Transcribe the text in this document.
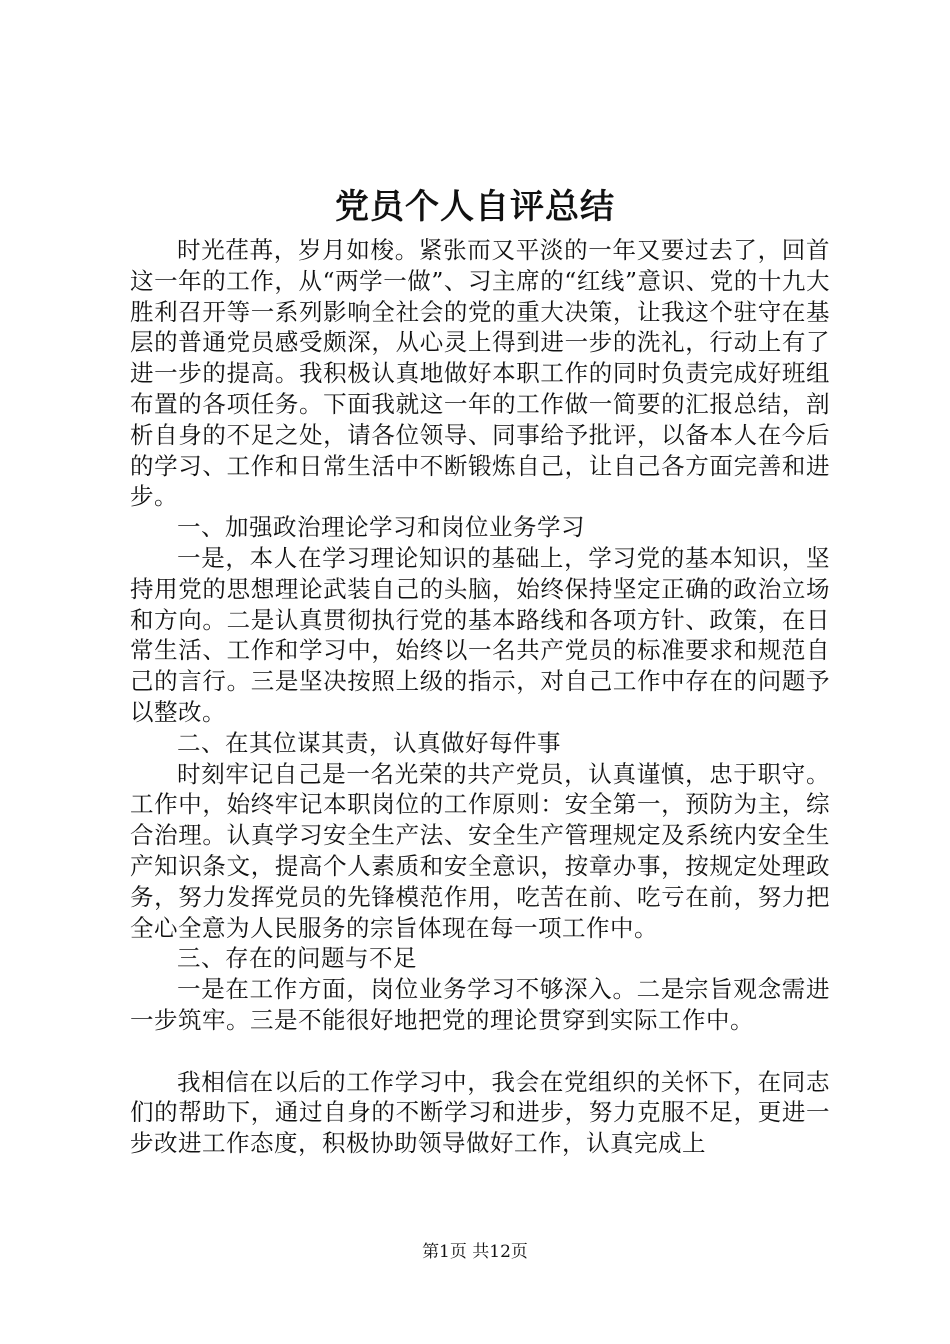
党员个人自评总结

时光荏苒，岁月如梭。紧张而又平淡的一年又要过去了，回首这一年的工作，从“两学一做”、习主席的“红线”意识、党的十九大胜利召开等一系列影响全社会的党的重大决策，让我这个驻守在基层的普通党员感受颇深，从心灵上得到进一步的洗礼，行动上有了进一步的提高。我积极认真地做好本职工作的同时负责完成好班组布置的各项任务。下面我就这一年的工作做一简要的汇报总结，剖析自身的不足之处，请各位领导、同事给予批评，以备本人在今后的学习、工作和日常生活中不断锻炼自己，让自己各方面完善和进步。

一、加强政治理论学习和岗位业务学习

一是，本人在学习理论知识的基础上，学习党的基本知识，坚持用党的思想理论武装自己的头脑，始终保持坚定正确的政治立场和方向。二是认真贯彻执行党的基本路线和各项方针、政策，在日常生活、工作和学习中，始终以一名共产党员的标准要求和规范自己的言行。三是坚决按照上级的指示，对自己工作中存在的问题予以整改。

二、在其位谋其责，认真做好每件事

时刻牢记自己是一名光荣的共产党员，认真谨慎，忠于职守。工作中，始终牢记本职岗位的工作原则：安全第一，预防为主，综合治理。认真学习安全生产法、安全生产管理规定及系统内安全生产知识条文，提高个人素质和安全意识，按章办事，按规定处理政务，努力发挥党员的先锋模范作用，吃苦在前、吃亏在前，努力把全心全意为人民服务的宗旨体现在每一项工作中。

三、存在的问题与不足

一是在工作方面，岗位业务学习不够深入。二是宗旨观念需进一步筑牢。三是不能很好地把党的理论贯穿到实际工作中。

我相信在以后的工作学习中，我会在党组织的关怀下，在同志们的帮助下，通过自身的不断学习和进步，努力克服不足，更进一步改进工作态度，积极协助领导做好工作，认真完成上

第1页 共12页
